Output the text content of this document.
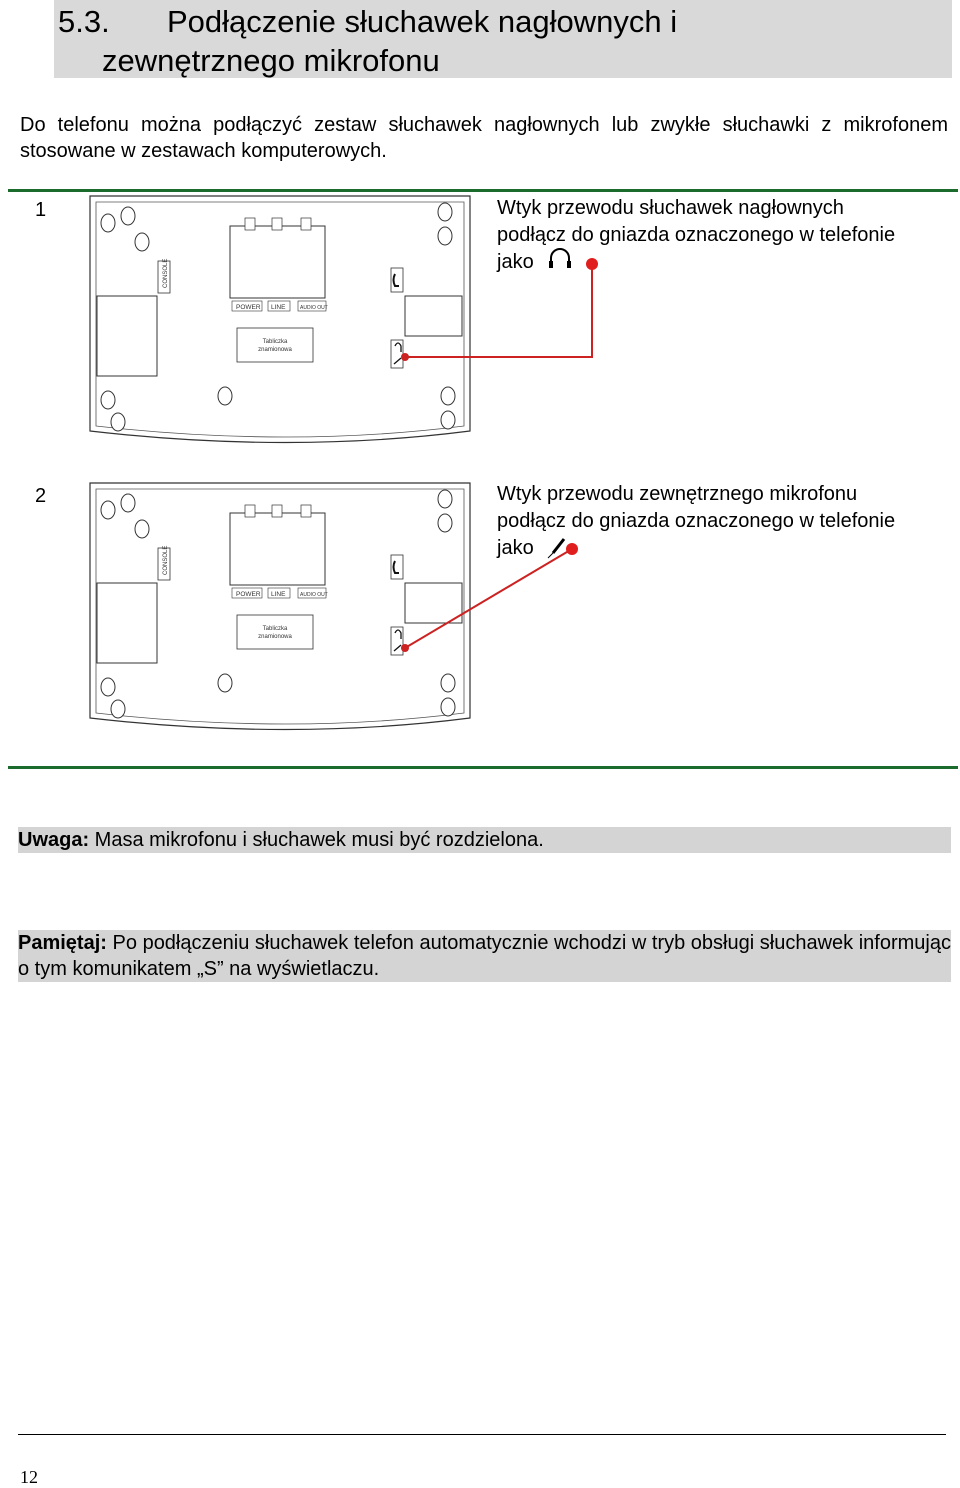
5.3. Podłączenie słuchawek nagłownych i
zewnętrznego mikrofonu
Do telefonu można podłączyć zestaw słuchawek nagłownych lub zwykłe słuchawki z mikrofonem stosowane w zestawach komputerowych.
1	Wtyk przewodu słuchawek nagłownych
podłącz do gniazda oznaczonego w telefonie
jako
2	Wtyk przewodu zewnętrznego mikrofonu
podłącz do gniazda oznaczonego w telefonie
jako
CONSOLE
POWER LINE	AUDIO OUT
Tabliczka
znamionowa
CONSOLE
POWER LINE	AUDIO OUT
Tabliczka
znamionowa
Uwaga: Masa mikrofonu i słuchawek musi być rozdzielona.
Pamiętaj: Po podłączeniu słuchawek telefon automatycznie wchodzi w tryb obsługi słuchawek informując o tym komunikatem „S” na wyświetlaczu.
12
